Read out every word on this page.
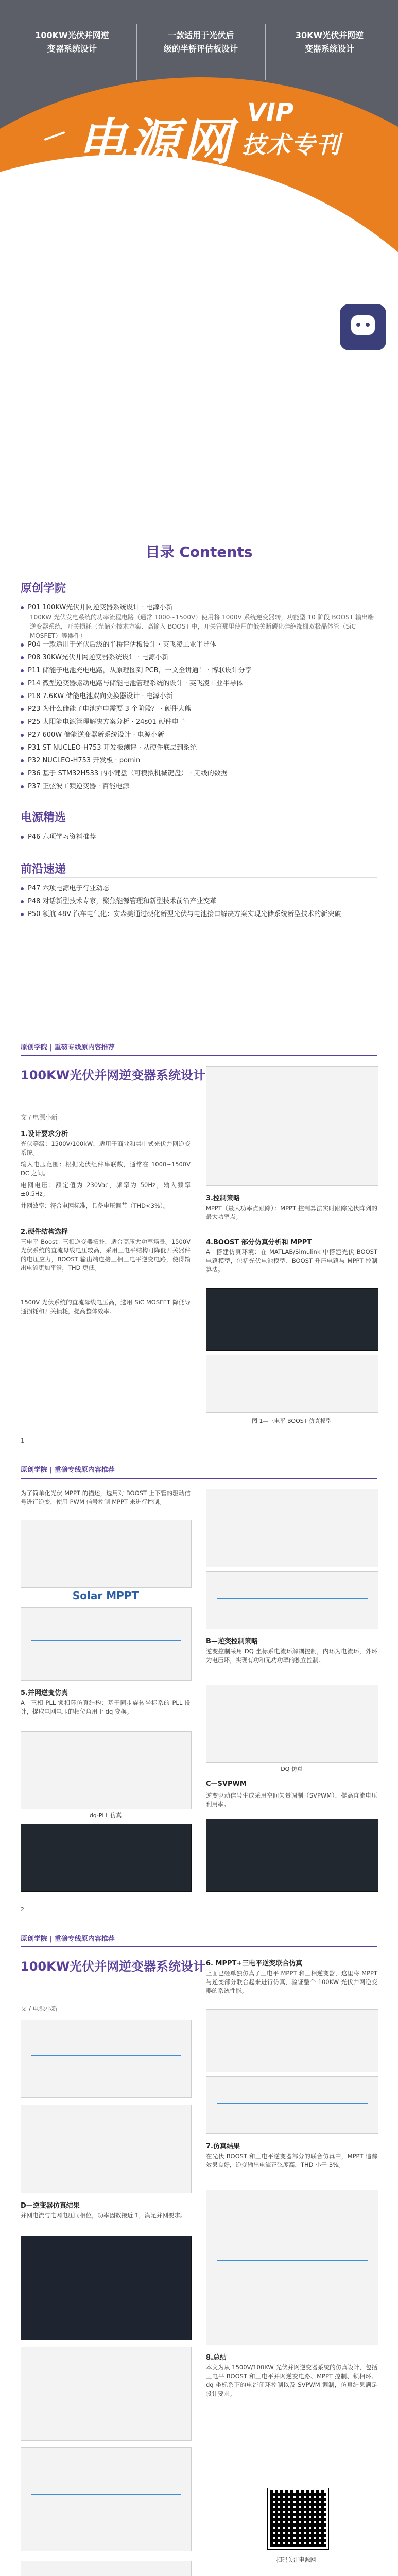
100KW光伏并网逆
变器系统设计
一款适用于光伏后
级的半桥评估板设计
30KW光伏并网逆
变器系统设计
电源网
VIP
技术专刊
6月刊
新能源与光储充技术
目录 Contents
原创学院
P01 100KW光伏并网逆变器系统设计 · 电源小新
100KW 光伏发电系统的功率流程电路（通常 1000~1500V）使用将 1000V 系统逆变器转，功能型 10 阶段 BOOST 输出端逆变器系统，开关损耗（光储充技术方案、高输入 BOOST 中，开关管那里使用的低关断碳化硅绝缘栅双极晶体管（SiC MOSFET）等器件）
P04 一款适用于光伏后级的半桥评估板设计 · 英飞凌工业半导体
P08 30KW光伏并网逆变器系统设计 · 电源小新
P11 储能子电池充电电路，从原理图到 PCB，一文全讲通！ · 博联设计分享
P14 微型逆变器驱动电路与储能电池管理系统的设计 · 英飞凌工业半导体
P18 7.6KW 储能电池双向变换器设计 · 电源小新
P23 为什么储能子电池充电需要 3 个阶段？ · 硬件大熊
P25 太阳能电源管理解决方案分析 · 24s01 硬件电子
P27 600W 储能逆变器新系统设计 · 电源小新
P31 ST NUCLEO-H753 开发板测评 · 从硬件底层到系统
P32 NUCLEO-H753 开发板 · pomin
P36 基于 STM32H533 的小键盘（可模拟机械键盘） · 无线的数据
P37 正弦波工频逆变器 · 百能电源
电源精选
P46 六项学习资料推荐
前沿速递
P47 六项电源电子行业动态
P48 对话新型技术专家，聚焦能源管理和新型技术前沿产业变革
P50 领航 48V 汽车电气化：安森美通过硬化新型光伏与电池接口解决方案实现光储系统新型技术的新突破
原创学院 | 重磅专线原内容推荐
100KW光伏并网逆变器系统设计
文 / 电源小新
1.设计要求分析
光伏等级：1500V/100kW，适用于商业和集中式光伏并网逆变系统。
输入电压范围：根据光伏组件串联数，通常在 1000~1500V DC 之间。
电网电压：额定值为 230Vac，频率为 50Hz，输入频率 ±0.5Hz。
并网效率：符合电网标准，具备电压调节（THD<3%）。
2.硬件结构选择
三电平 Boost+三相逆变器拓扑，适合高压大功率场景。1500V 光伏系统的直流母线电压较高，采用三电平结构可降低开关器件的电压应力，BOOST 输出端连接三相三电平逆变电路，使得输出电流更加平滑，THD 更低。
1500V 光伏系统的直流母线电压高，选用 SiC MOSFET 降低导通损耗和开关损耗，提高整体效率。
3.控制策略
MPPT（最大功率点跟踪）：MPPT 控制算法实时跟踪光伏阵列的最大功率点。
4.BOOST 部分仿真分析和 MPPT
A—搭建仿真环境：在 MATLAB/Simulink 中搭建光伏 BOOST 电路模型，包括光伏电池模型、BOOST 升压电路与 MPPT 控制算法。
图 1—三电平 BOOST 仿真模型
1
原创学院 | 重磅专线原内容推荐
为了简单化光伏 MPPT 的描述，选用对 BOOST 上下管的驱动信号进行逆变，使用 PWM 信号控制 MPPT 来进行控制。
Solar MPPT
5.并网逆变仿真
A—三相 PLL 锁相环仿真结构：基于同步旋转坐标系的 PLL 设计，提取电网电压的相位角用于 dq 变换。
dq-PLL 仿真
B—逆变控制策略
逆变控制采用 DQ 坐标系电流环解耦控制，内环为电流环，外环为电压环，实现有功和无功功率的独立控制。
DQ 仿真
C—SVPWM
逆变驱动信号生成采用空间矢量调制（SVPWM），提高直流电压利用率。
2
原创学院 | 重磅专线原内容推荐
100KW光伏并网逆变器系统设计
文 / 电源小新
D—逆变器仿真结果
并网电流与电网电压同相位，功率因数接近 1，满足并网要求。
6. MPPT+三电平逆变联合仿真
上面已经单独仿真了三电平 MPPT 和三相逆变器，这里将 MPPT 与逆变部分联合起来进行仿真，验证整个 100KW 光伏并网逆变器的系统性能。
7.仿真结果
在光伏 BOOST 和三电平逆变器部分的联合仿真中，MPPT 追踪效果良好，逆变输出电流正弦度高，THD 小于 3%。
8.总结
本文为从 1500V/100KW 光伏并网逆变器系统的仿真设计，包括三电平 BOOST 和三电平并网逆变电路、MPPT 控制、锁相环、dq 坐标系下的电流闭环控制以及 SVPWM 调制，仿真结果满足设计要求。
扫码关注电源网
